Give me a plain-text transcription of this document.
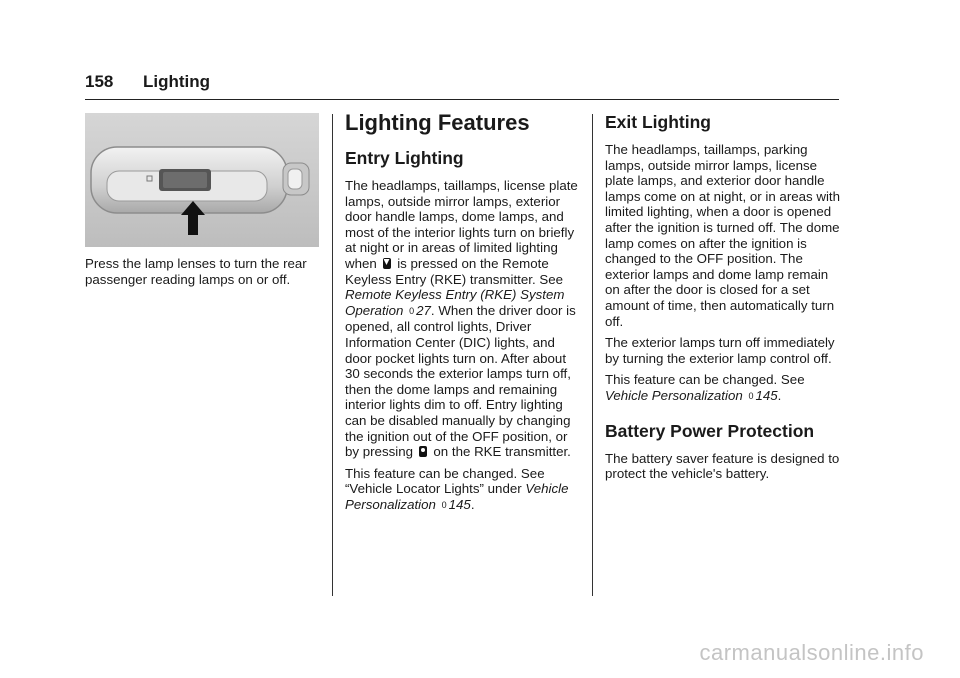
158 Lighting

Press the lamp lenses to turn the rear passenger reading lamps on or off.

Lighting Features
Entry Lighting

The headlamps, taillamps, license plate lamps, outside mirror lamps, exterior door handle lamps, dome lamps, and most of the interior lights turn on briefly at night or in areas of limited lighting when is pressed on the Remote Keyless Entry (RKE) transmitter. See Remote Keyless Entry (RKE) System Operation 0 27. When the driver door is opened, all control lights, Driver Information Center (DIC) lights, and door pocket lights turn on. After about 30 seconds the exterior lamps turn off, then the dome lamps and remaining interior lights dim to off. Entry lighting can be disabled manually by changing the ignition out of the OFF position, or by pressing on the RKE transmitter.

This feature can be changed. See “Vehicle Locator Lights” under Vehicle Personalization 0 145.

Exit Lighting

The headlamps, taillamps, parking lamps, outside mirror lamps, license plate lamps, and exterior door handle lamps come on at night, or in areas with limited lighting, when a door is opened after the ignition is turned off. The dome lamp comes on after the ignition is changed to the OFF position. The exterior lamps and dome lamp remain on after the door is closed for a set amount of time, then automatically turn off.

The exterior lamps turn off immediately by turning the exterior lamp control off.

This feature can be changed. See
Vehicle Personalization 0 145.

Battery Power Protection

The battery saver feature is designed to protect the vehicle's battery.

carmanualsonline.info
